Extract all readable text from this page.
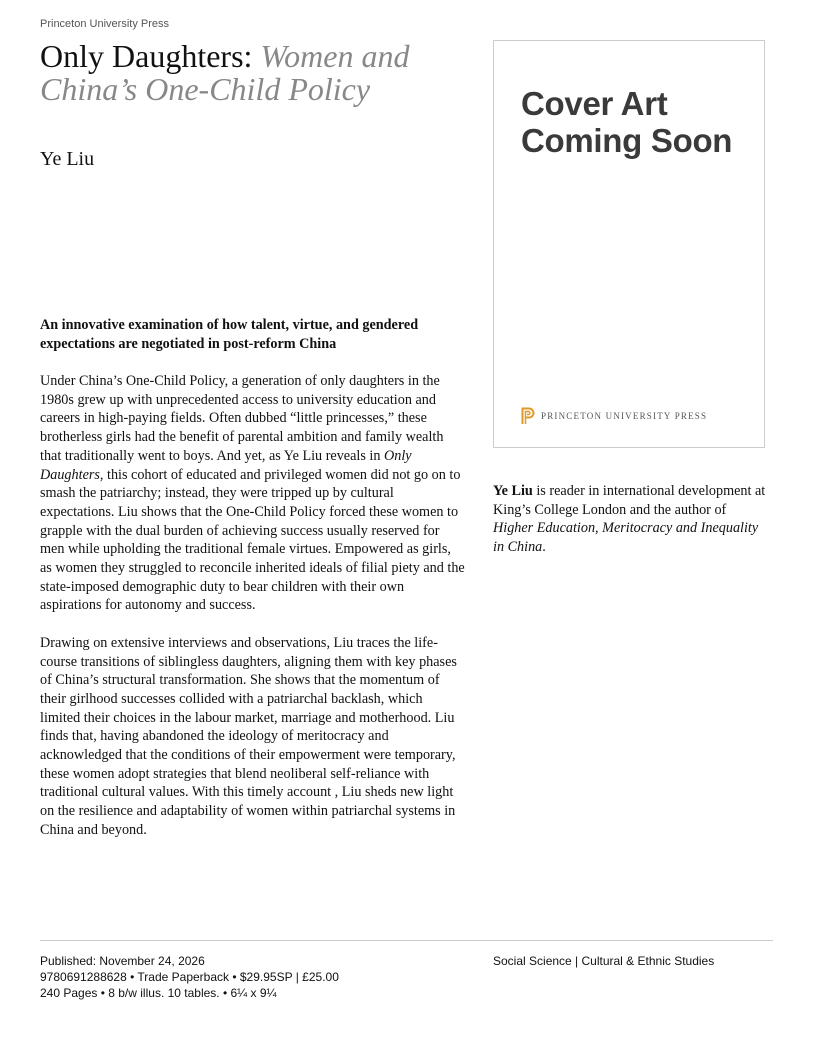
Princeton University Press
Only Daughters: Women and China’s One-Child Policy
Ye Liu
An innovative examination of how talent, virtue, and gendered expectations are negotiated in post-reform China

Under China’s One-Child Policy, a generation of only daughters in the 1980s grew up with unprecedented access to university education and careers in high-paying fields. Often dubbed “little princesses,” these brotherless girls had the benefit of parental ambition and family wealth that traditionally went to boys. And yet, as Ye Liu reveals in Only Daughters, this cohort of educated and privileged women did not go on to smash the patriarchy; instead, they were tripped up by cultural expectations. Liu shows that the One-Child Policy forced these women to grapple with the dual burden of achieving success usually reserved for men while upholding the traditional female virtues. Empowered as girls, as women they struggled to reconcile inherited ideals of filial piety and the state-imposed demographic duty to bear children with their own aspirations for autonomy and success.

Drawing on extensive interviews and observations, Liu traces the life-course transitions of siblingless daughters, aligning them with key phases of China’s structural transformation. She shows that the momentum of their girlhood successes collided with a patriarchal backlash, which limited their choices in the labour market, marriage and motherhood. Liu finds that, having abandoned the ideology of meritocracy and acknowledged that the conditions of their empowerment were temporary, these women adopt strategies that blend neoliberal self-reliance with traditional cultural values. With this timely account , Liu sheds new light on the resilience and adaptability of women within patriarchal systems in China and beyond.

Cover Art
Coming Soon
PRINCETON UNIVERSITY PRESS
Ye Liu is reader in international development at King’s College London and the author of Higher Education, Meritocracy and Inequality in China.
Published: November 24, 2026
9780691288628 • Trade Paperback • $29.95SP | £25.00
240 Pages • 8 b/w illus. 10 tables. • 6¼ x 9¼
Social Science | Cultural & Ethnic Studies
